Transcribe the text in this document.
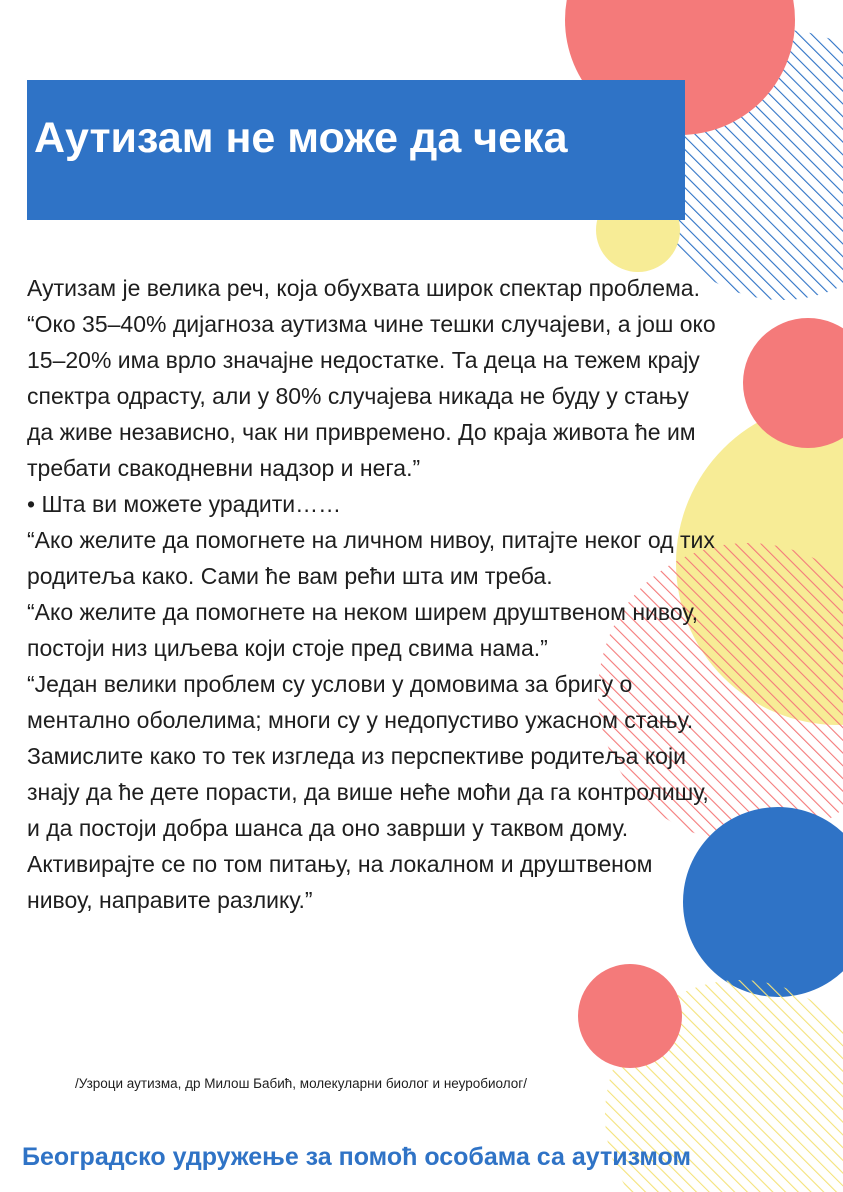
Аутизам не може да чека

Аутизам је велика реч, која обухвата широк спектар проблема. “Око 35–40% дијагноза аутизма чине тешки случајеви, а још око 15–20% има врло значајне недостатке. Та деца на тежем крају спектра одрасту, али у 80% случајева никада не буду у стању да живе независно, чак ни привремено. До краја живота ће им требати свакодневни надзор и нега.”

• Шта ви можете урадити……

“Ако желите да помогнете на личном нивоу, питајте неког од тих родитеља како. Сами ће вам рећи шта им треба.

“Ако желите да помогнете на неком ширем друштвеном нивоу, постоји низ циљева који стоје пред свима нама.”

“Један велики проблем су услови у домовима за бригу о ментално оболелима; многи су у недопустиво ужасном стању. Замислите како то тек изгледа из перспективе родитеља који знају да ће дете порасти, да више неће моћи да га контролишу, и да постоји добра шанса да оно заврши у таквом дому. Активирајте се по том питању, на локалном и друштвеном нивоу, направите разлику.”

/Узроци аутизма, др Милош Бабић, молекуларни биолог и неуробиолог/
Београдско удружење за помоћ особама са аутизмом
